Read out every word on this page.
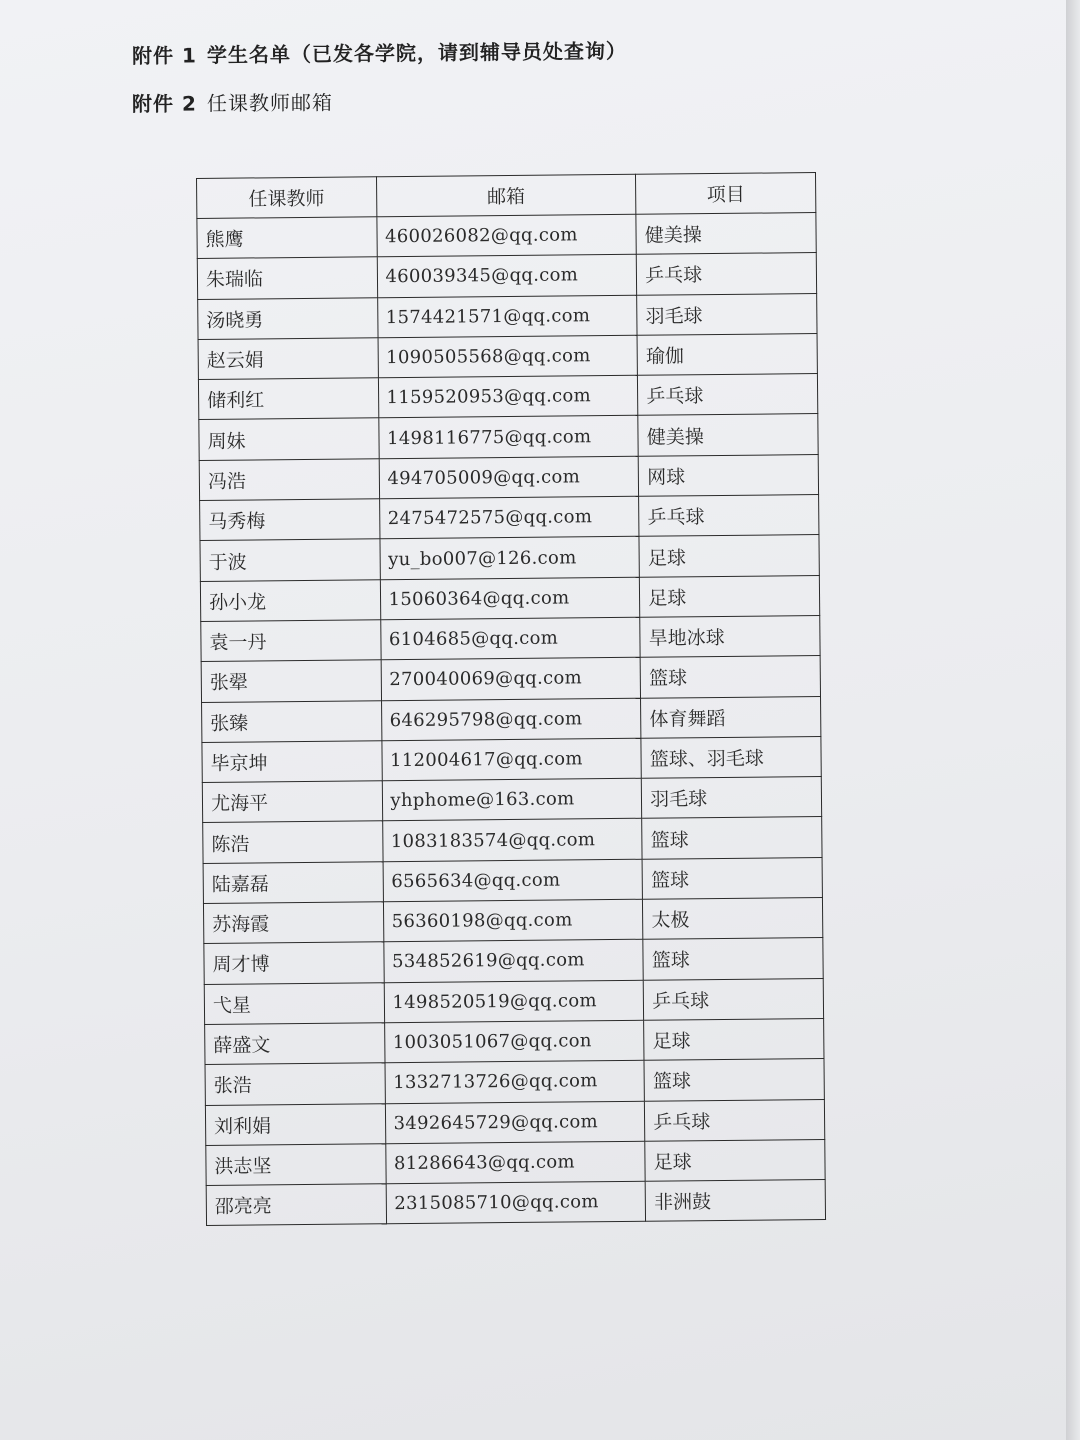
附件 1 学生名单（已发各学院，请到辅导员处查询）
附件 2 任课教师邮箱
任课教师	邮箱	项目
熊鹰	460026082@qq.com	健美操
朱瑞临	460039345@qq.com	乒乓球
汤晓勇	1574421571@qq.com	羽毛球
赵云娟	1090505568@qq.com	瑜伽
储利红	1159520953@qq.com	乒乓球
周妹	1498116775@qq.com	健美操
冯浩	494705009@qq.com	网球
马秀梅	2475472575@qq.com	乒乓球
于波	yu_bo007@126.com	足球
孙小龙	15060364@qq.com	足球
袁一丹	6104685@qq.com	旱地冰球
张翚	270040069@qq.com	篮球
张臻	646295798@qq.com	体育舞蹈
毕京坤	112004617@qq.com	篮球、羽毛球
尤海平	yhphome@163.com	羽毛球
陈浩	1083183574@qq.com	篮球
陆嘉磊	6565634@qq.com	篮球
苏海霞	56360198@qq.com	太极
周才博	534852619@qq.com	篮球
弋星	1498520519@qq.com	乒乓球
薛盛文	1003051067@qq.con	足球
张浩	1332713726@qq.com	篮球
刘利娟	3492645729@qq.com	乒乓球
洪志坚	81286643@qq.com	足球
邵亮亮	2315085710@qq.com	非洲鼓
